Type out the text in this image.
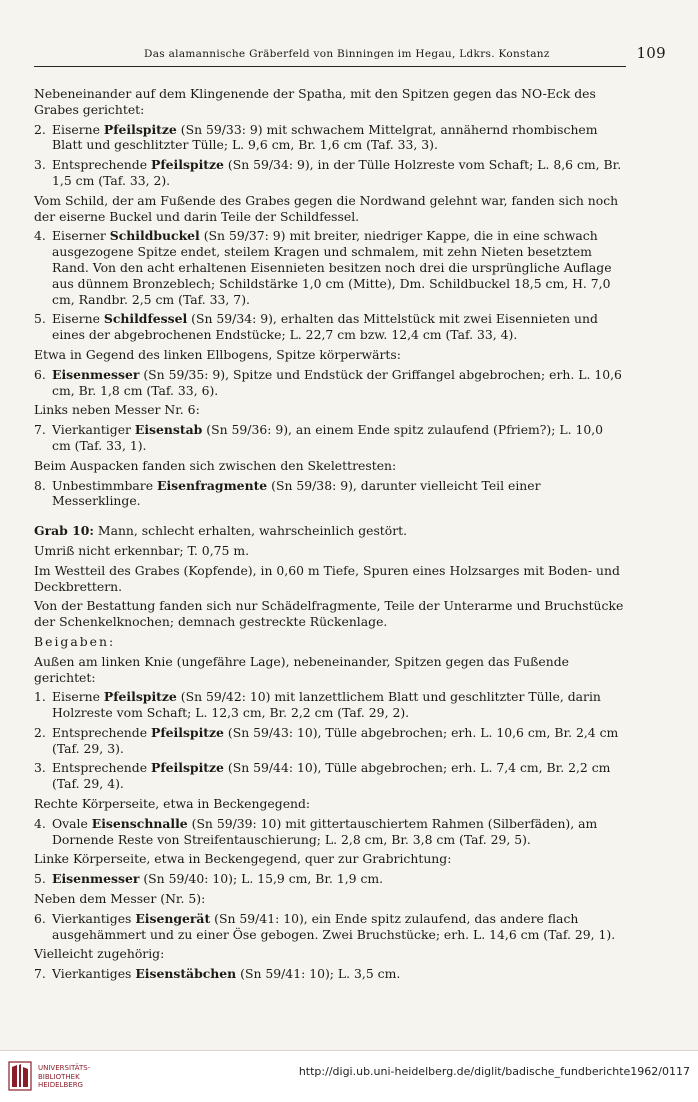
Das alamannische Gräberfeld von Binningen im Hegau, Ldkrs. Konstanz	109

Nebeneinander auf dem Klingenende der Spatha, mit den Spitzen gegen das NO-Eck des Grabes gerichtet:

2. Eiserne Pfeilspitze (Sn 59/33: 9) mit schwachem Mittelgrat, annähernd rhombischem Blatt und geschlitzter Tülle; L. 9,6 cm, Br. 1,6 cm (Taf. 33, 3).
3. Entsprechende Pfeilspitze (Sn 59/34: 9), in der Tülle Holzreste vom Schaft; L. 8,6 cm, Br. 1,5 cm (Taf. 33, 2).

Vom Schild, der am Fußende des Grabes gegen die Nordwand gelehnt war, fanden sich noch der eiserne Buckel und darin Teile der Schildfessel.

4. Eiserner Schildbuckel (Sn 59/37: 9) mit breiter, niedriger Kappe, die in eine schwach ausgezogene Spitze endet, steilem Kragen und schmalem, mit zehn Nieten besetztem Rand. Von den acht erhaltenen Eisennieten besitzen noch drei die ursprüngliche Auflage aus dünnem Bronzeblech; Schildstärke 1,0 cm (Mitte), Dm. Schildbuckel 18,5 cm, H. 7,0 cm, Randbr. 2,5 cm (Taf. 33, 7).
5. Eiserne Schildfessel (Sn 59/34: 9), erhalten das Mittelstück mit zwei Eisennieten und eines der abgebrochenen Endstücke; L. 22,7 cm bzw. 12,4 cm (Taf. 33, 4).

Etwa in Gegend des linken Ellbogens, Spitze körperwärts:

6. Eisenmesser (Sn 59/35: 9), Spitze und Endstück der Griffangel abgebrochen; erh. L. 10,6 cm, Br. 1,8 cm (Taf. 33, 6).

Links neben Messer Nr. 6:

7. Vierkantiger Eisenstab (Sn 59/36: 9), an einem Ende spitz zulaufend (Pfriem?); L. 10,0 cm (Taf. 33, 1).

Beim Auspacken fanden sich zwischen den Skelettresten:

8. Unbestimmbare Eisenfragmente (Sn 59/38: 9), darunter vielleicht Teil einer Messerklinge.

Grab 10: Mann, schlecht erhalten, wahrscheinlich gestört.

Umriß nicht erkennbar; T. 0,75 m.

Im Westteil des Grabes (Kopfende), in 0,60 m Tiefe, Spuren eines Holzsarges mit Boden- und Deckbrettern.

Von der Bestattung fanden sich nur Schädelfragmente, Teile der Unterarme und Bruchstücke der Schenkelknochen; demnach gestreckte Rückenlage.

Beigaben:

Außen am linken Knie (ungefähre Lage), nebeneinander, Spitzen gegen das Fußende gerichtet:

1. Eiserne Pfeilspitze (Sn 59/42: 10) mit lanzettlichem Blatt und geschlitzter Tülle, darin Holzreste vom Schaft; L. 12,3 cm, Br. 2,2 cm (Taf. 29, 2).
2. Entsprechende Pfeilspitze (Sn 59/43: 10), Tülle abgebrochen; erh. L. 10,6 cm, Br. 2,4 cm (Taf. 29, 3).
3. Entsprechende Pfeilspitze (Sn 59/44: 10), Tülle abgebrochen; erh. L. 7,4 cm, Br. 2,2 cm (Taf. 29, 4).

Rechte Körperseite, etwa in Beckengegend:

4. Ovale Eisenschnalle (Sn 59/39: 10) mit gittertauschiertem Rahmen (Silberfäden), am Dornende Reste von Streifentauschierung; L. 2,8 cm, Br. 3,8 cm (Taf. 29, 5).

Linke Körperseite, etwa in Beckengegend, quer zur Grabrichtung:

5. Eisenmesser (Sn 59/40: 10); L. 15,9 cm, Br. 1,9 cm.

Neben dem Messer (Nr. 5):

6. Vierkantiges Eisengerät (Sn 59/41: 10), ein Ende spitz zulaufend, das andere flach ausgehämmert und zu einer Öse gebogen. Zwei Bruchstücke; erh. L. 14,6 cm (Taf. 29, 1).

Vielleicht zugehörig:

7. Vierkantiges Eisenstäbchen (Sn 59/41: 10); L. 3,5 cm.
UNIVERSITÄTS-
BIBLIOTHEK
HEIDELBERG
http://digi.ub.uni-heidelberg.de/diglit/badische_fundberichte1962/0117
